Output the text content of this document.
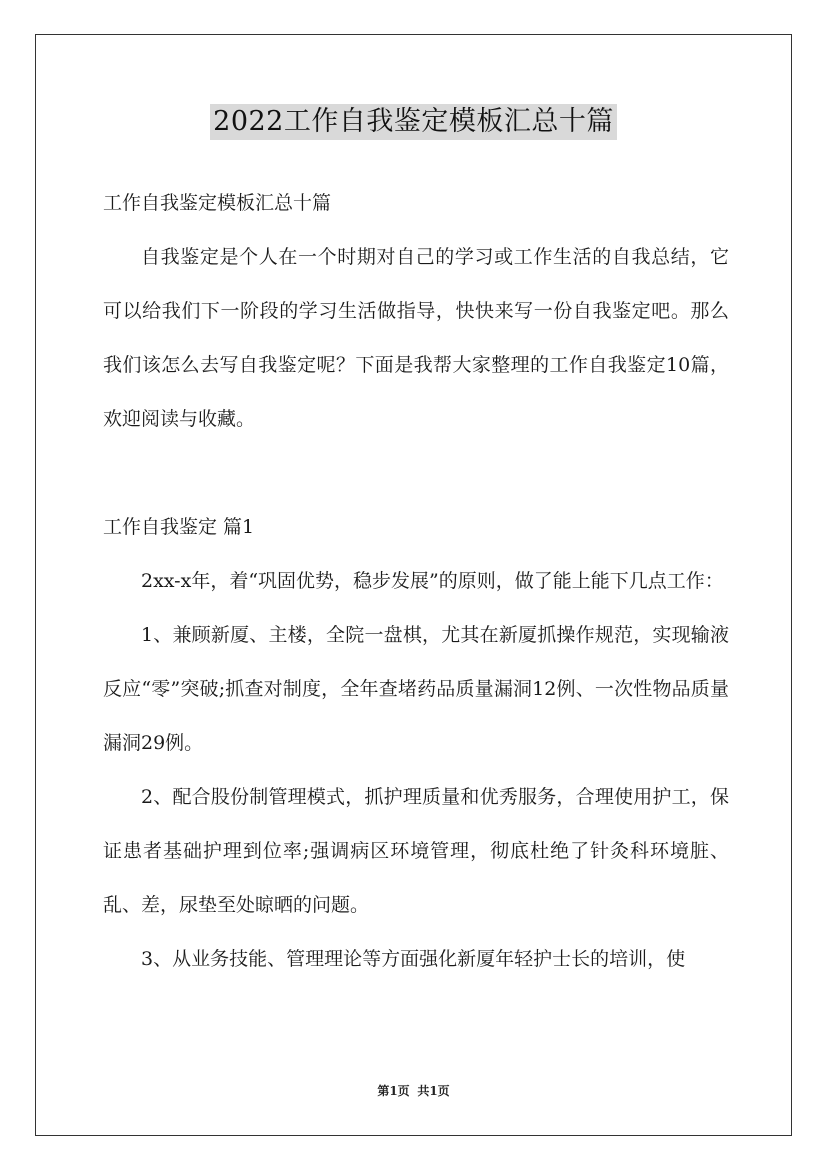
2022工作自我鉴定模板汇总十篇

工作自我鉴定模板汇总十篇

自我鉴定是个人在一个时期对自己的学习或工作生活的自我总结，它可以给我们下一阶段的学习生活做指导，快快来写一份自我鉴定吧。那么我们该怎么去写自我鉴定呢？下面是我帮大家整理的工作自我鉴定10篇，欢迎阅读与收藏。

工作自我鉴定 篇1

2xx-x年，着“巩固优势，稳步发展”的原则，做了能上能下几点工作：

1、兼顾新厦、主楼，全院一盘棋，尤其在新厦抓操作规范，实现输液反应“零”突破;抓查对制度，全年查堵药品质量漏洞12例、一次性物品质量漏洞29例。

2、配合股份制管理模式，抓护理质量和优秀服务，合理使用护工，保证患者基础护理到位率;强调病区环境管理，彻底杜绝了针灸科环境脏、乱、差，尿垫至处晾晒的问题。

3、从业务技能、管理理论等方面强化新厦年轻护士长的培训，使

第1页 共1页
